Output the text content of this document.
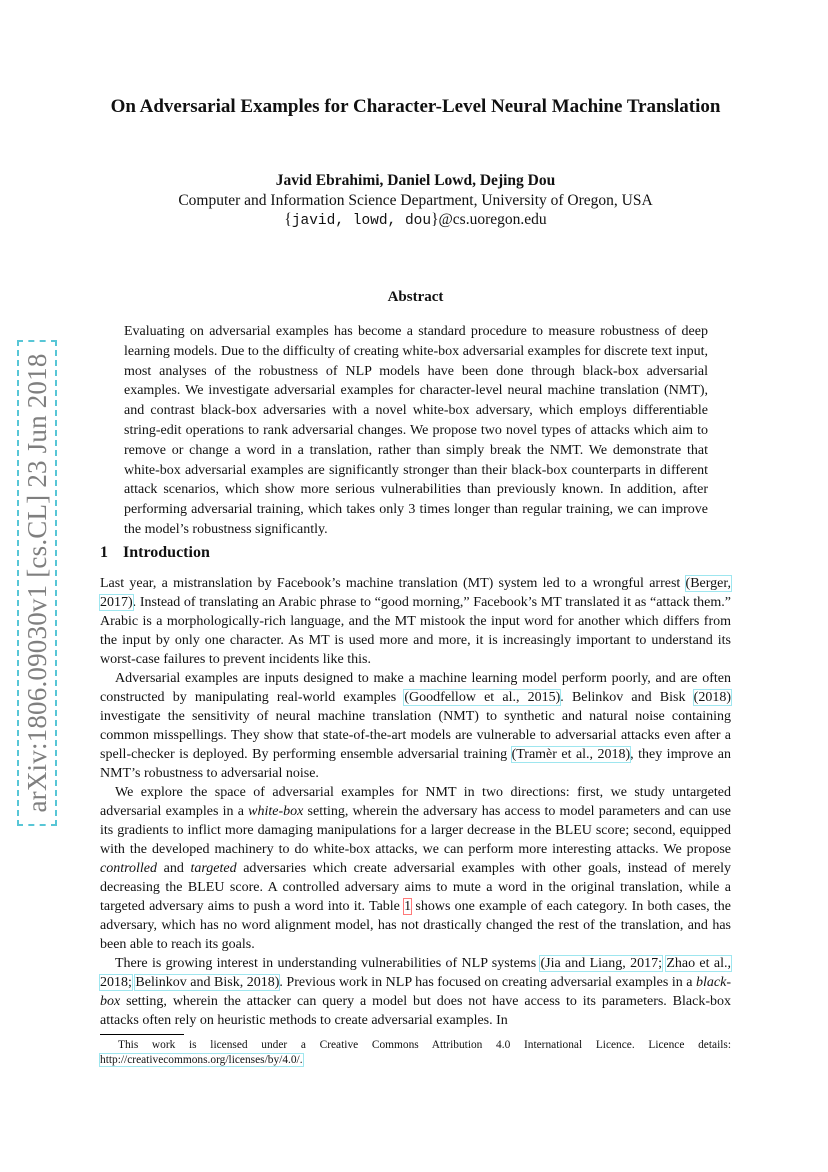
arXiv:1806.09030v1 [cs.CL] 23 Jun 2018
On Adversarial Examples for Character-Level Neural Machine Translation
Javid Ebrahimi, Daniel Lowd, Dejing Dou
Computer and Information Science Department, University of Oregon, USA
{javid, lowd, dou}@cs.uoregon.edu
Abstract
Evaluating on adversarial examples has become a standard procedure to measure robustness of deep learning models. Due to the difficulty of creating white-box adversarial examples for discrete text input, most analyses of the robustness of NLP models have been done through black-box adversarial examples. We investigate adversarial examples for character-level neural machine translation (NMT), and contrast black-box adversaries with a novel white-box adversary, which employs differentiable string-edit operations to rank adversarial changes. We propose two novel types of attacks which aim to remove or change a word in a translation, rather than simply break the NMT. We demonstrate that white-box adversarial examples are significantly stronger than their black-box counterparts in different attack scenarios, which show more serious vulnerabilities than previously known. In addition, after performing adversarial training, which takes only 3 times longer than regular training, we can improve the model’s robustness significantly.
1 Introduction

Last year, a mistranslation by Facebook’s machine translation (MT) system led to a wrongful arrest (Berger, 2017). Instead of translating an Arabic phrase to “good morning,” Facebook’s MT translated it as “attack them.” Arabic is a morphologically-rich language, and the MT mistook the input word for another which differs from the input by only one character. As MT is used more and more, it is increasingly important to understand its worst-case failures to prevent incidents like this.

Adversarial examples are inputs designed to make a machine learning model perform poorly, and are often constructed by manipulating real-world examples (Goodfellow et al., 2015). Belinkov and Bisk (2018) investigate the sensitivity of neural machine translation (NMT) to synthetic and natural noise containing common misspellings. They show that state-of-the-art models are vulnerable to adversarial attacks even after a spell-checker is deployed. By performing ensemble adversarial training (Tramèr et al., 2018), they improve an NMT’s robustness to adversarial noise.

We explore the space of adversarial examples for NMT in two directions: first, we study untargeted adversarial examples in a white-box setting, wherein the adversary has access to model parameters and can use its gradients to inflict more damaging manipulations for a larger decrease in the BLEU score; second, equipped with the developed machinery to do white-box attacks, we can perform more interesting attacks. We propose controlled and targeted adversaries which create adversarial examples with other goals, instead of merely decreasing the BLEU score. A controlled adversary aims to mute a word in the original translation, while a targeted adversary aims to push a word into it. Table 1 shows one example of each category. In both cases, the adversary, which has no word alignment model, has not drastically changed the rest of the translation, and has been able to reach its goals.

There is growing interest in understanding vulnerabilities of NLP systems (Jia and Liang, 2017; Zhao et al., 2018; Belinkov and Bisk, 2018). Previous work in NLP has focused on creating adversarial examples in a black-box setting, wherein the attacker can query a model but does not have access to its parameters. Black-box attacks often rely on heuristic methods to create adversarial examples. In

This work is licensed under a Creative Commons Attribution 4.0 International Licence. Licence details:
http://creativecommons.org/licenses/by/4.0/.
